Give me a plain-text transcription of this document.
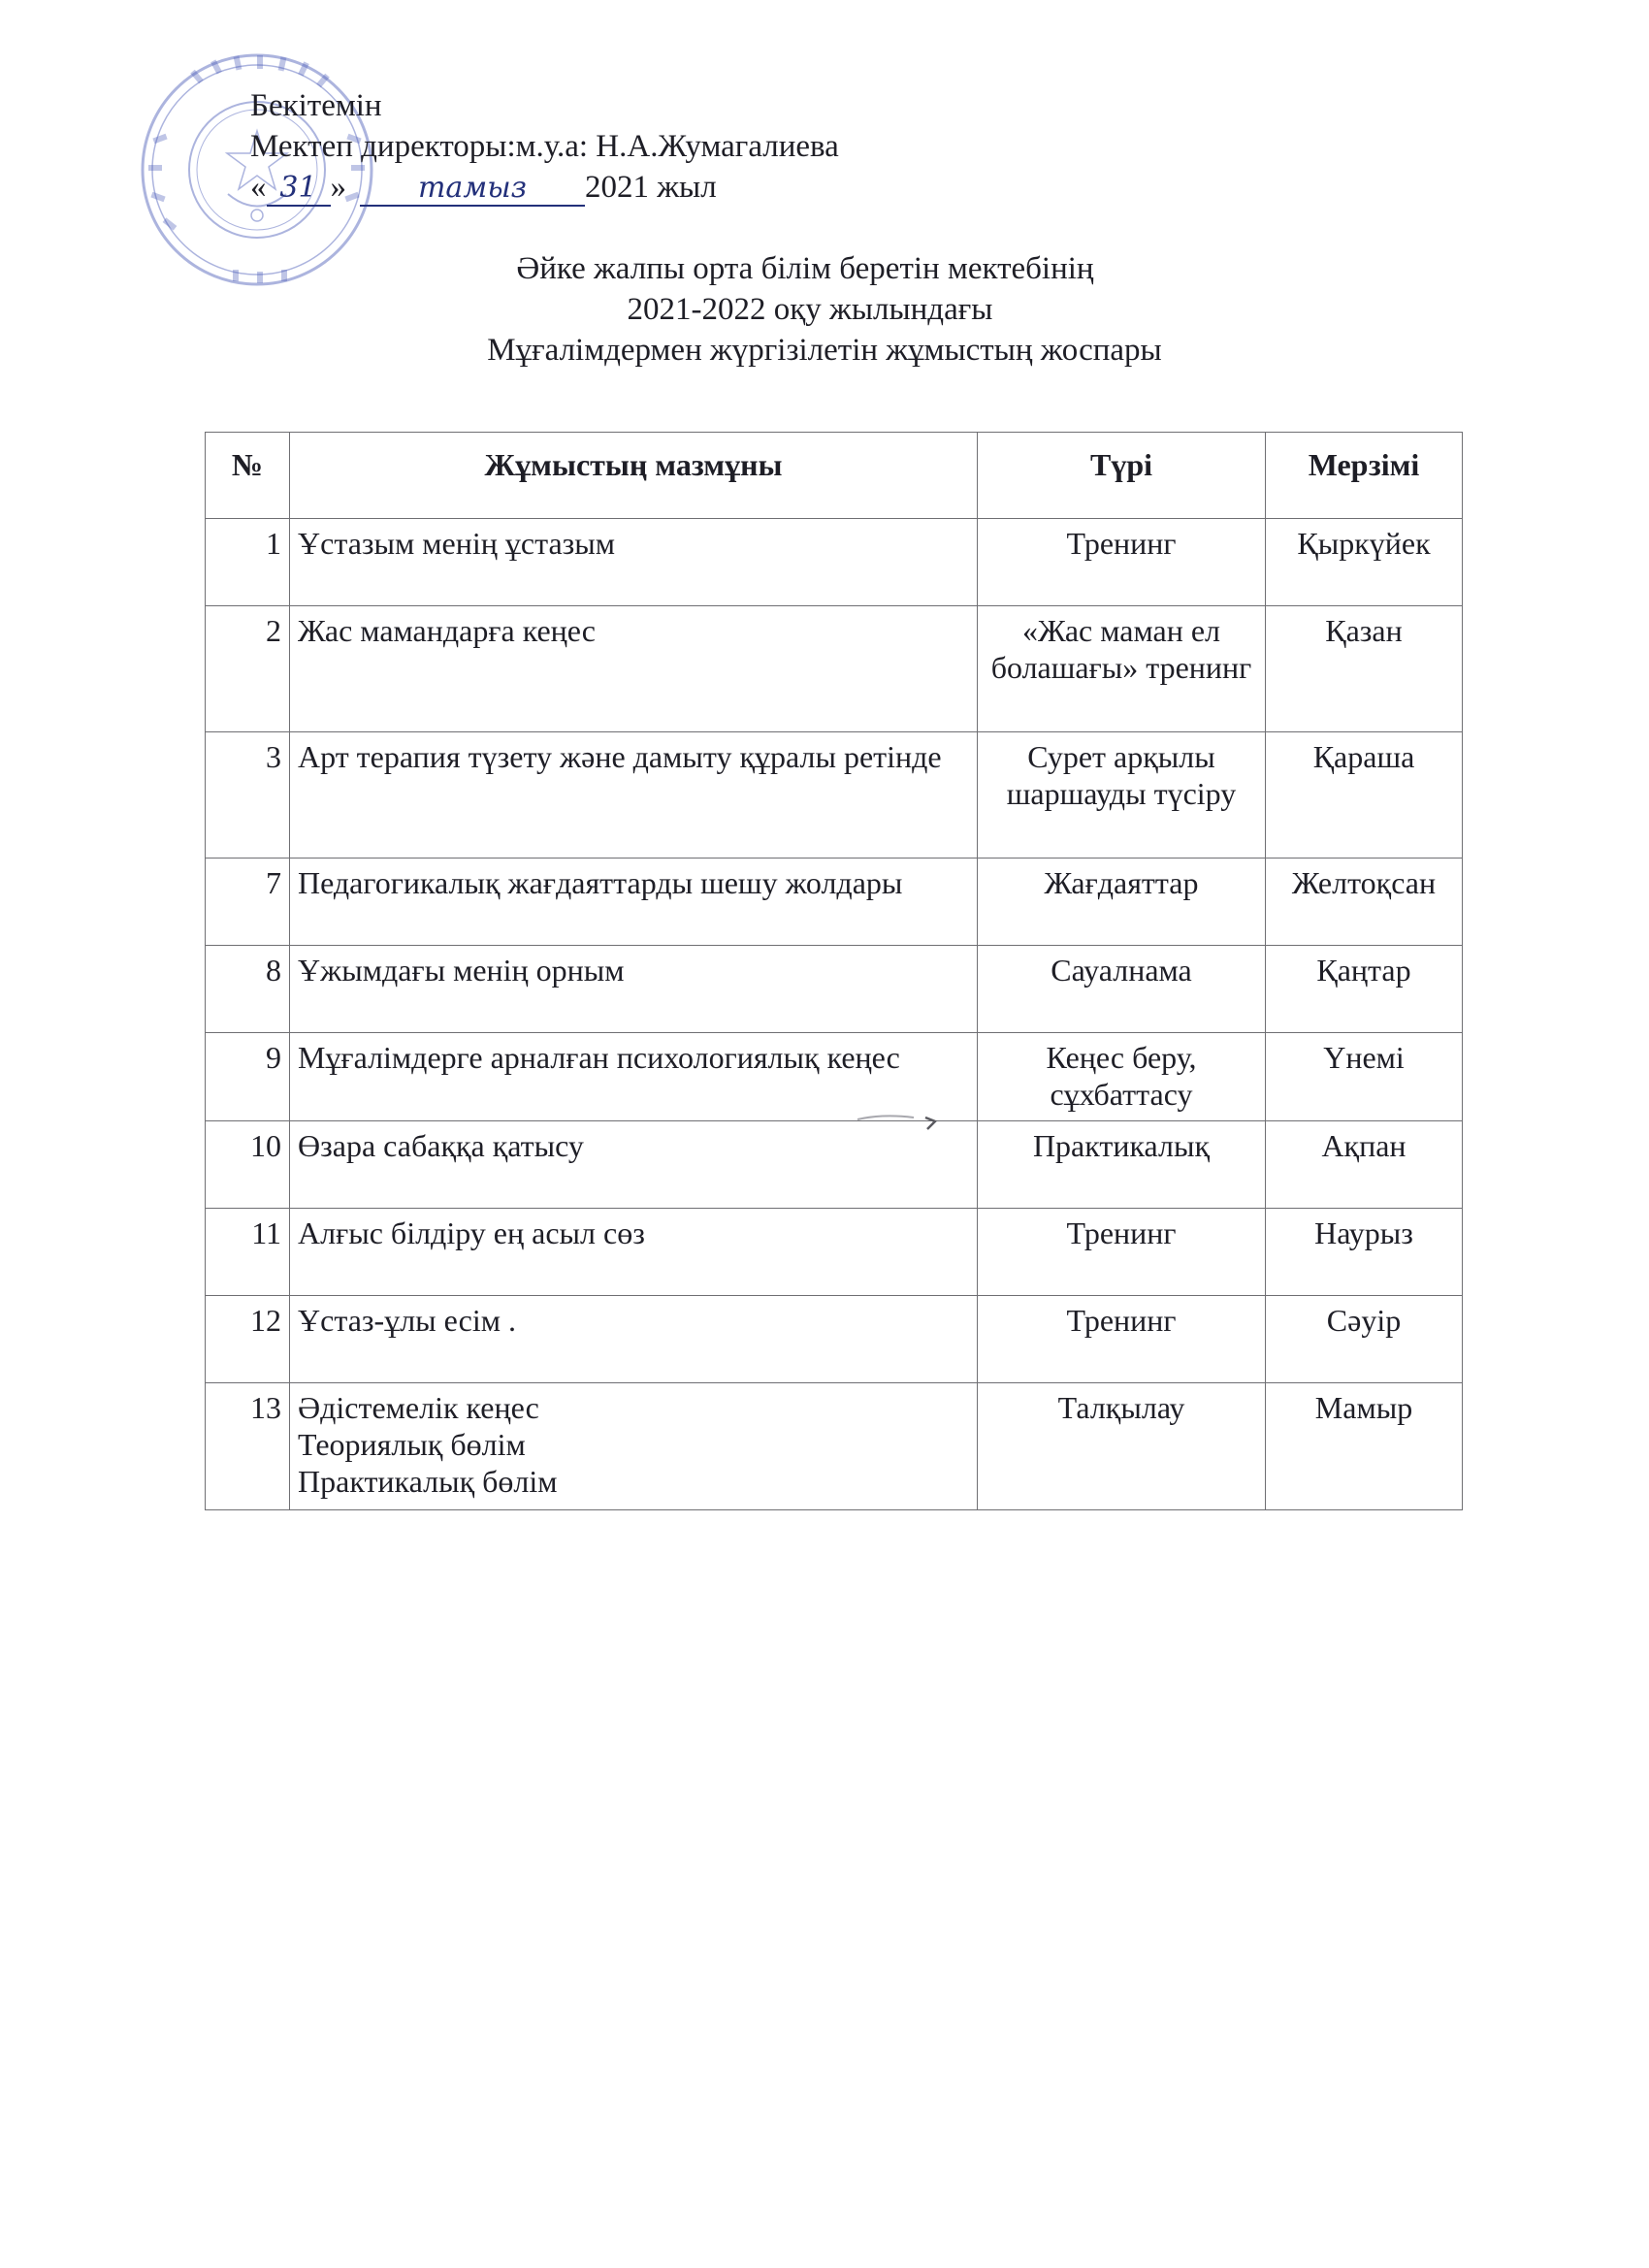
Бекітемін
Мектеп директоры:м.у.а: Н.А.Жумагалиева
« 31 » тамыз 2021 жыл
Әйке жалпы орта білім беретін мектебінің
2021-2022 оқу жылындағы
Мұғалімдермен жүргізілетін жұмыстың жоспары
№	Жұмыстың мазмұны	Түрі	Мерзімі
1	Ұстазым менің ұстазым	Тренинг	Қыркүйек
2	Жас мамандарға кеңес	«Жас маман ел болашағы» тренинг	Қазан
3	Арт терапия түзету және дамыту құралы ретінде	Сурет арқылы шаршауды түсіру	Қараша
7	Педагогикалық жағдаяттарды шешу жолдары	Жағдаяттар	Желтоқсан
8	Ұжымдағы менің орным	Сауалнама	Қаңтар
9	Мұғалімдерге арналған психологиялық кеңес	Кеңес беру, сұхбаттасу	Үнемі
10	Өзара сабаққа қатысу	Практикалық	Ақпан
11	Алғыс білдіру ең асыл сөз	Тренинг	Наурыз
12	Ұстаз-ұлы есім .	Тренинг	Сәуір
13	Әдістемелік кеңес
Теориялық бөлім
Практикалық бөлім	Талқылау	Мамыр
